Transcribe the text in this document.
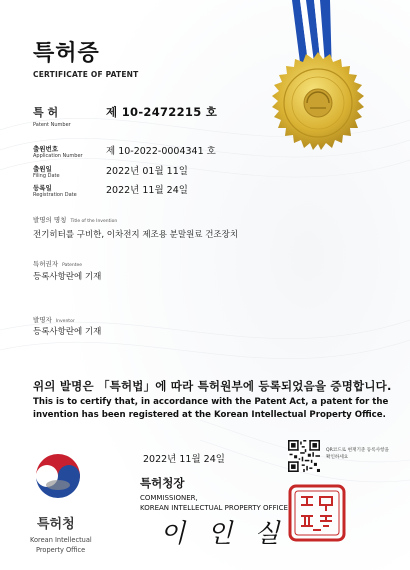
특허증
CERTIFICATE OF PATENT
특 허
Patent Number
제 10-2472215 호
출원번호
Application Number 제 10-2022-0004341 호
출원일
Filing Date	2022년 01월 11일
등록일
Registration Date	2022년 11월 24일
발명의 명칭 Title of the Invention
전기히터를 구비한, 이차전지 제조용 분말원료 건조장치
특허권자 Patentee
등록사항란에 기재
발명자 Inventor
등록사항란에 기재
위의 발명은 「특허법」에 따라 특허원부에 등록되었음을 증명합니다.
This is to certify that, in accordance with the Patent Act, a patent for the
invention has been registered at the Korean Intellectual Property Office.
2022년 11월 24일
QR코드로 현재기준 등록사항을 확인하세요
특허청장
COMMISSIONER,
KOREAN INTELLECTUAL PROPERTY OFFICE
이인실
특허청
Korean Intellectual
Property Office
